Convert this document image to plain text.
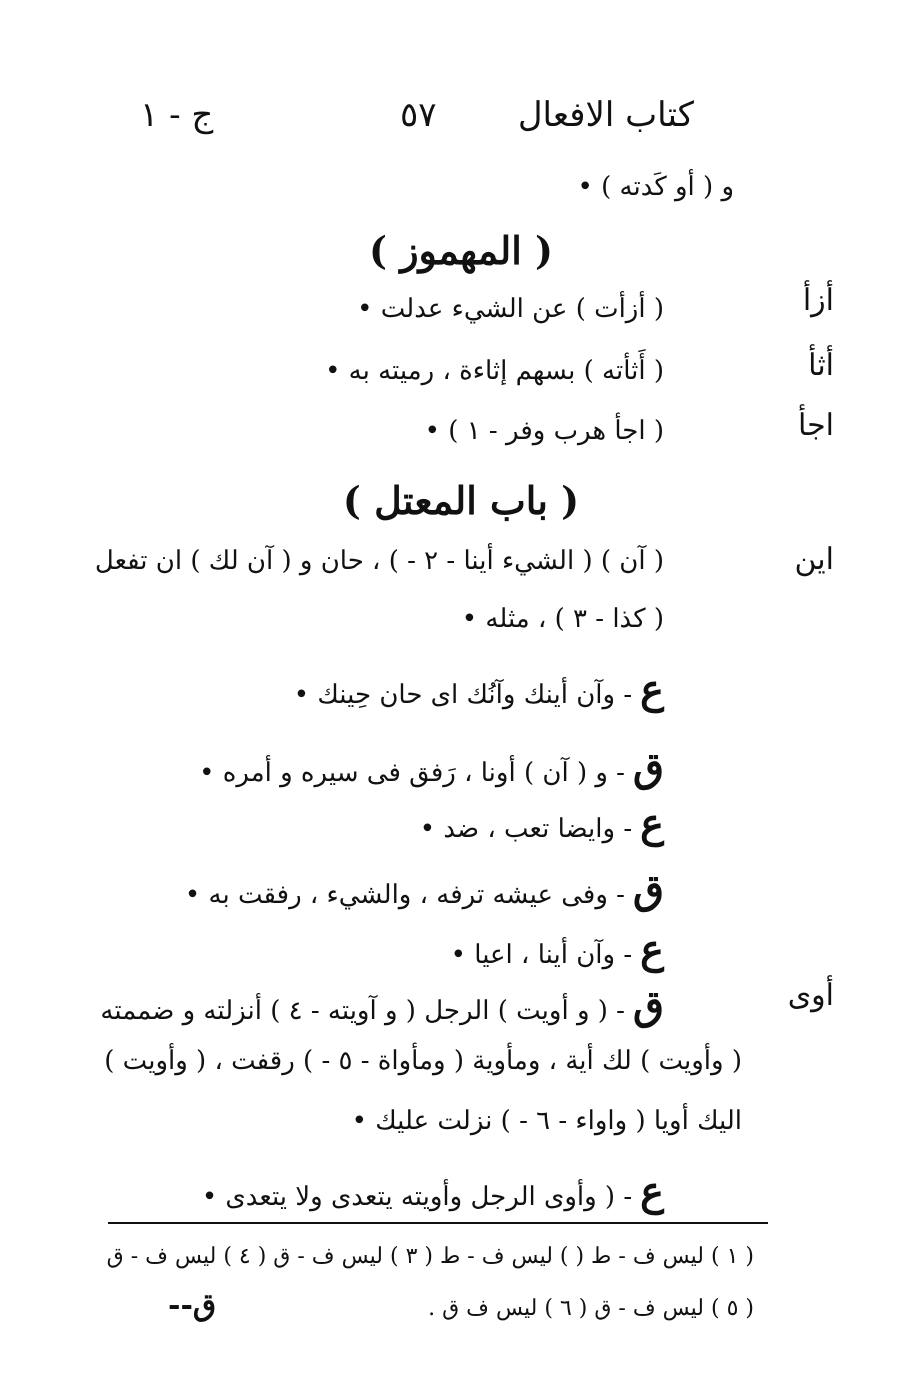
كتاب الافعال
٥٧
ج - ١
و ( أو كَدته ) •
( المهموز )
أزأ
( أزأت ) عن الشيء عدلت •
أثأ
( أَثأته ) بسهم إثاءة ، رميته به •
اجأ
( اجأ هرب وفر - ١ ) •
( باب المعتل )
اين
( آن ) ( الشيء أينا - ٢ - ) ، حان و ( آن لك ) ان تفعل
( كذا - ٣ ) ، مثله •
ع- وآن أينك وآنُك اى حان حِينك •
ق- و ( آن ) أونا ، رَفق فى سيره و أمره •
ع- وايضا تعب ، ضد •
ق- وفى عيشه ترفه ، والشيء ، رفقت به •
ع- وآن أينا ، اعيا •
أوى
ق- ( و أويت ) الرجل ( و آويته - ٤ ) أنزلته و ضممته
( وأويت ) لك أية ، ومأوية ( ومأواة - ٥ - ) رقفت ، ( وأويت )
اليك أويا ( واواء - ٦ - ) نزلت عليك •
ع- ( وأوى الرجل وأويته يتعدى ولا يتعدى •
( ١ ) ليس ف - ط ( ) ليس ف - ط ( ٣ ) ليس ف - ق ( ٤ ) ليس ف - ق
( ٥ ) ليس ف - ق ( ٦ ) ليس ف ق .
ق--
